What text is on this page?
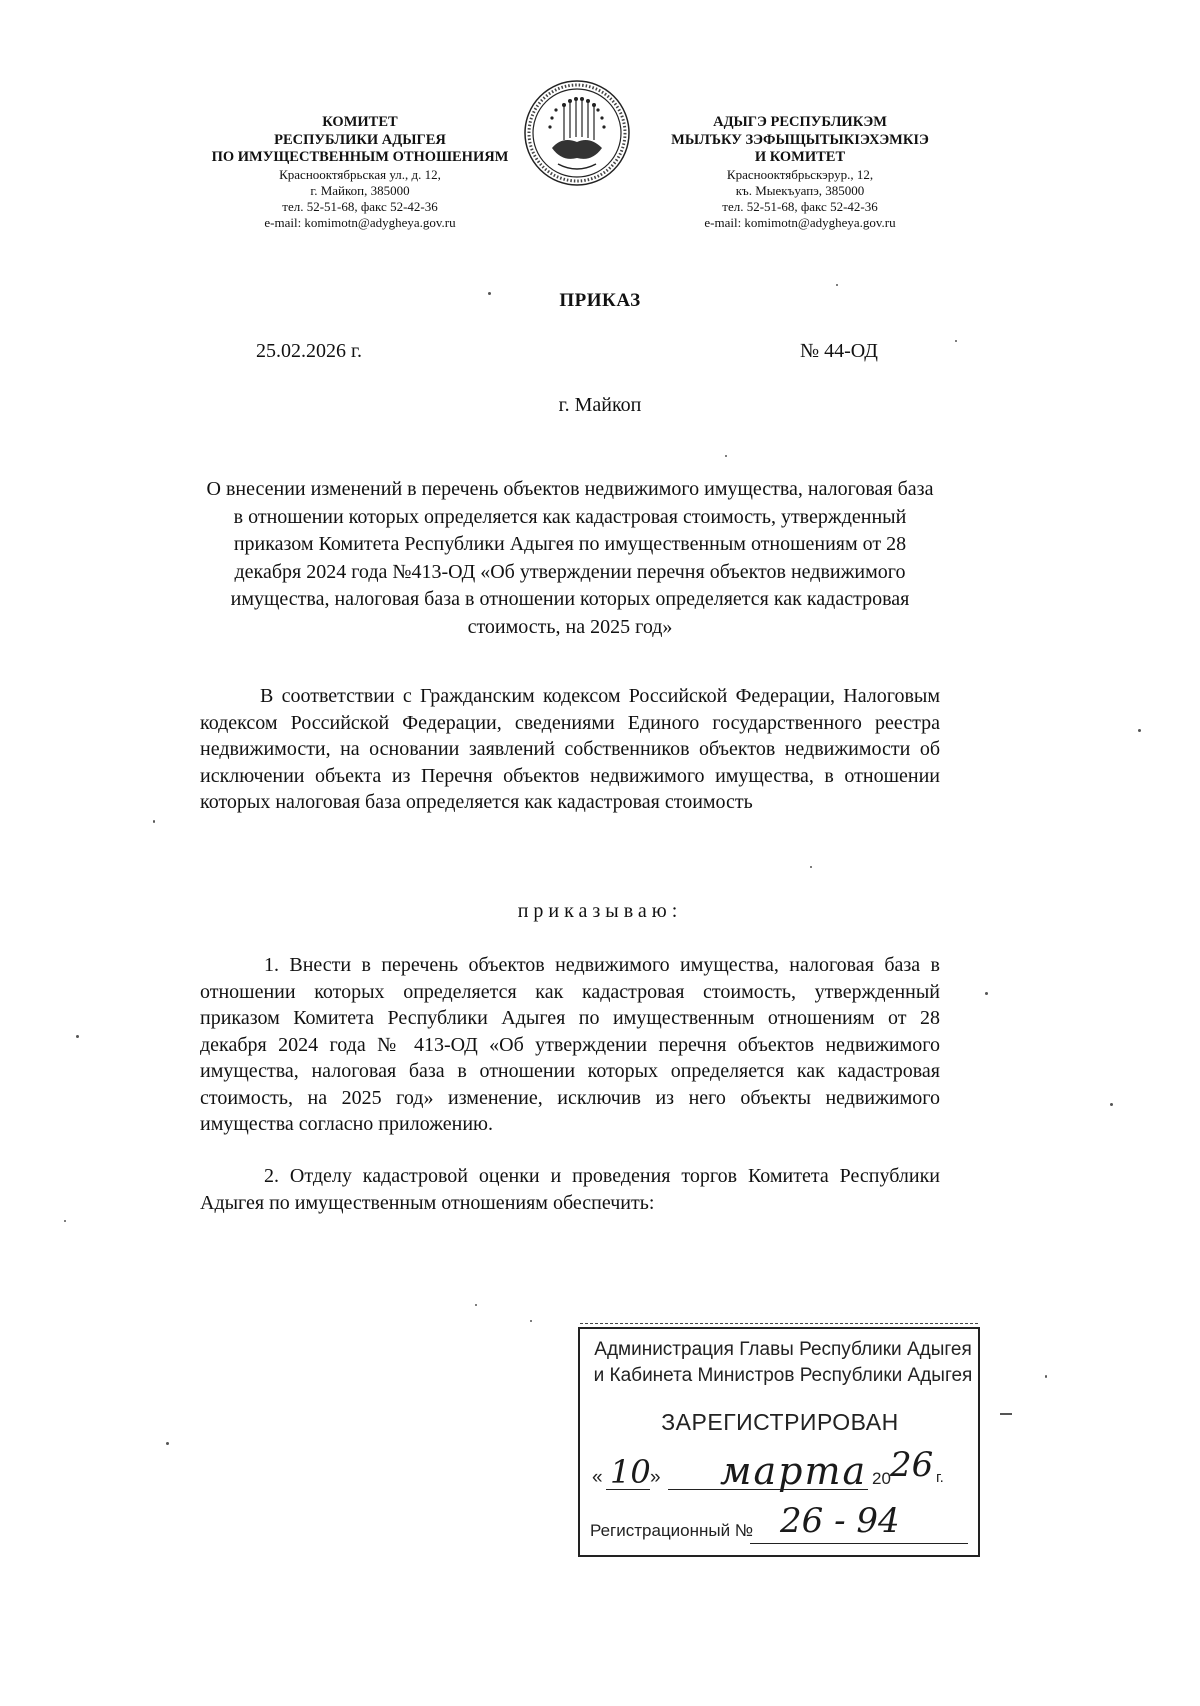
КОМИТЕТ
РЕСПУБЛИКИ АДЫГЕЯ
ПО ИМУЩЕСТВЕННЫМ ОТНОШЕНИЯМ
Краснооктябрьская ул., д. 12,
г. Майкоп, 385000
тел. 52-51-68, факс 52-42-36
e-mail: komimotn@adygheya.gov.ru
АДЫГЭ РЕСПУБЛИКЭМ
МЫЛЪКУ ЗЭФЫЩЫТЫКІЭХЭМКІЭ
И КОМИТЕТ
Краснооктябрьскэрур., 12,
къ. Мыекъуапэ, 385000
тел. 52-51-68, факс 52-42-36
e-mail: komimotn@adygheya.gov.ru
ПРИКАЗ
25.02.2026 г.	№ 44-ОД
г. Майкоп
О внесении изменений в перечень объектов недвижимого имущества, налоговая база в отношении которых определяется как кадастровая стоимость, утвержденный приказом Комитета Республики Адыгея по имущественным отношениям от 28 декабря 2024 года №413-ОД «Об утверждении перечня объектов недвижимого имущества, налоговая база в отношении которых определяется как кадастровая стоимость, на 2025 год»
В соответствии с Гражданским кодексом Российской Федерации, Налоговым кодексом Российской Федерации, сведениями Единого государственного реестра недвижимости, на основании заявлений собственников объектов недвижимости об исключении объекта из Перечня объектов недвижимого имущества, в отношении которых налоговая база определяется как кадастровая стоимость
приказываю:
1. Внести в перечень объектов недвижимого имущества, налоговая база в отношении которых определяется как кадастровая стоимость, утвержденный приказом Комитета Республики Адыгея по имущественным отношениям от 28 декабря 2024 года № 413-ОД «Об утверждении перечня объектов недвижимого имущества, налоговая база в отношении которых определяется как кадастровая стоимость, на 2025 год» изменение, исключив из него объекты недвижимого имущества согласно приложению.
2. Отделу кадастровой оценки и проведения торгов Комитета Республики Адыгея по имущественным отношениям обеспечить:
Администрация Главы Республики Адыгея
и Кабинета Министров Республики Адыгея
ЗАРЕГИСТРИРОВАН
« 10 » марта 20 26 г.
Регистрационный № 26 - 94
